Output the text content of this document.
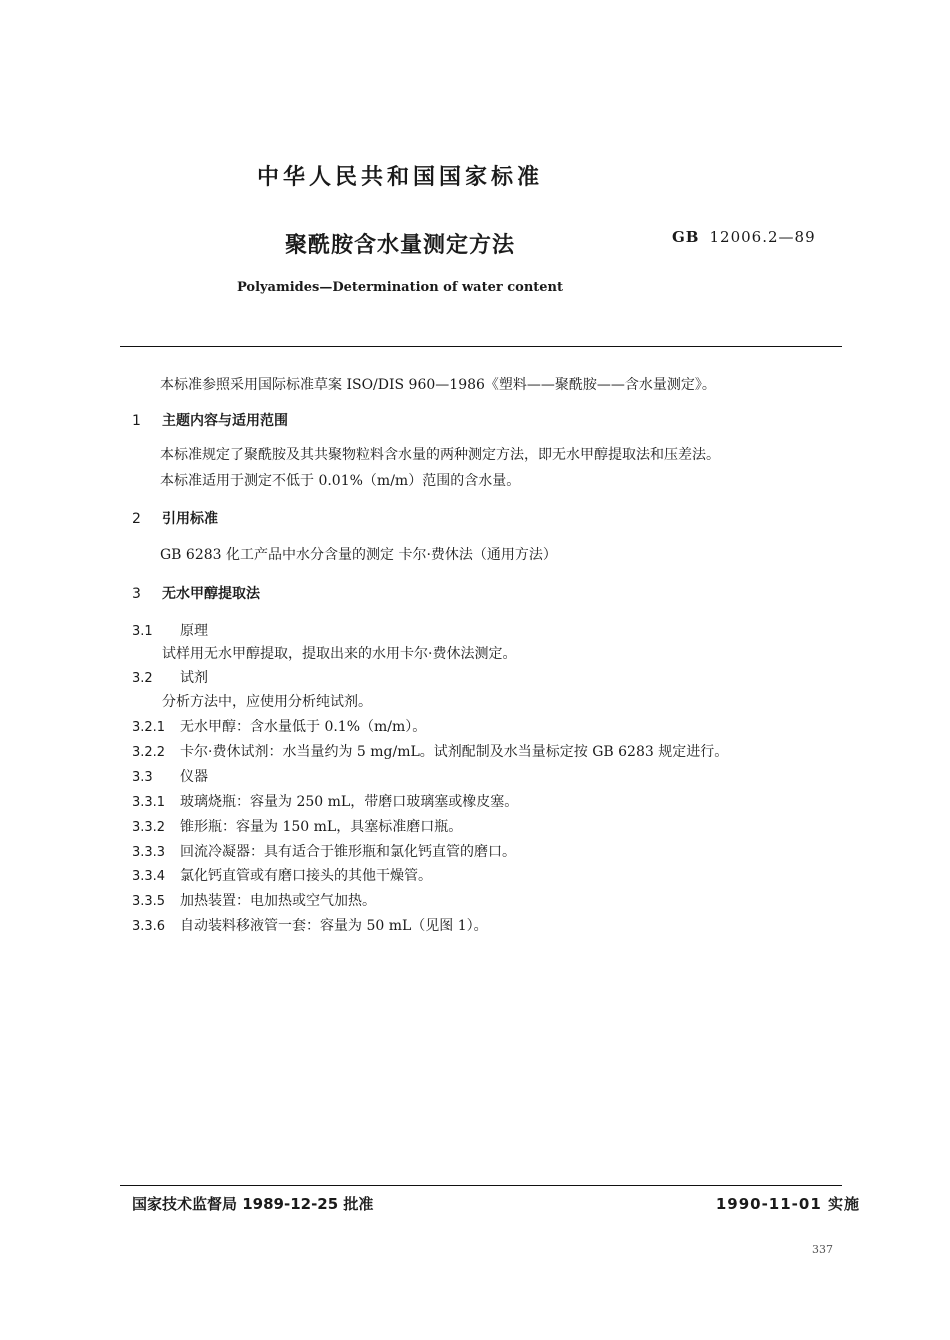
中华人民共和国国家标准
聚酰胺含水量测定方法	GB 12006.2—89
Polyamides—Determination of water content
本标准参照采用国际标准草案 ISO/DIS 960—1986《塑料——聚酰胺——含水量测定》。
1 主题内容与适用范围
本标准规定了聚酰胺及其共聚物粒料含水量的两种测定方法，即无水甲醇提取法和压差法。
本标准适用于测定不低于 0.01%（m/m）范围的含水量。
2 引用标准
GB 6283 化工产品中水分含量的测定 卡尔·费休法（通用方法）
3 无水甲醇提取法
3.1 原理
试样用无水甲醇提取，提取出来的水用卡尔·费休法测定。
3.2 试剂
分析方法中，应使用分析纯试剂。
3.2.1 无水甲醇：含水量低于 0.1%（m/m）。
3.2.2 卡尔·费休试剂：水当量约为 5 mg/mL。试剂配制及水当量标定按 GB 6283 规定进行。
3.3 仪器
3.3.1 玻璃烧瓶：容量为 250 mL，带磨口玻璃塞或橡皮塞。
3.3.2 锥形瓶：容量为 150 mL，具塞标准磨口瓶。
3.3.3 回流冷凝器：具有适合于锥形瓶和氯化钙直管的磨口。
3.3.4 氯化钙直管或有磨口接头的其他干燥管。
3.3.5 加热装置：电加热或空气加热。
3.3.6 自动装料移液管一套：容量为 50 mL（见图 1）。
国家技术监督局 1989-12-25 批准	1990-11-01 实施
337
